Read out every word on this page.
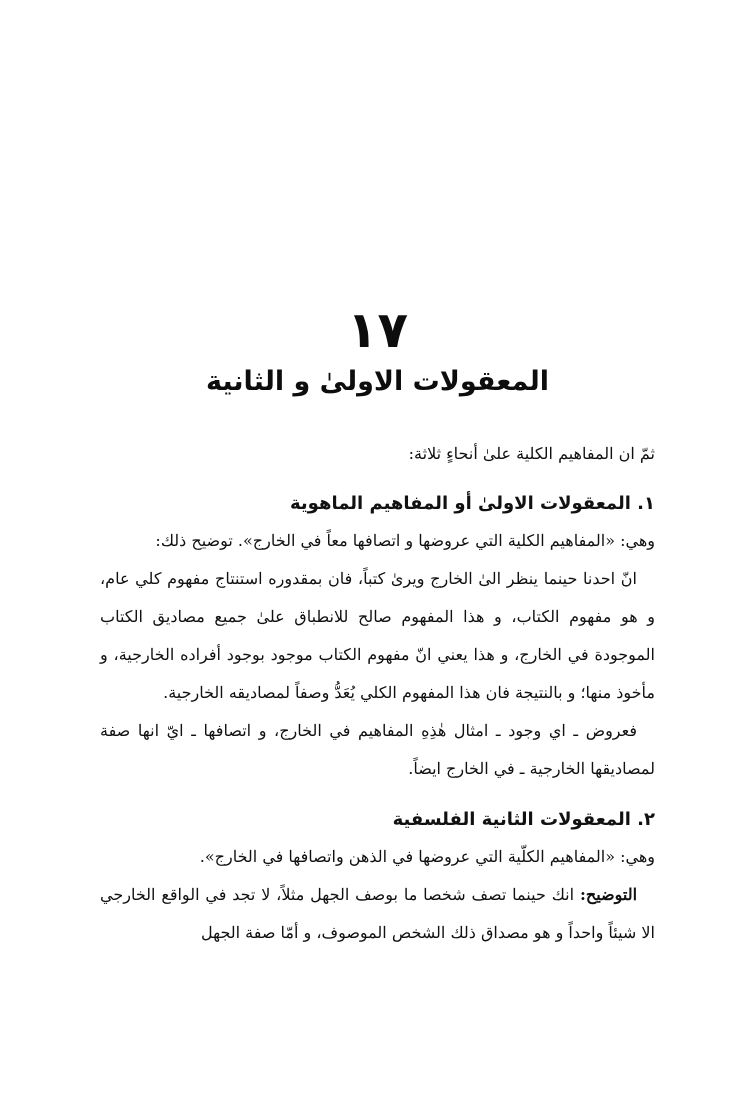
۱۷
المعقولات الاولیٰ و الثانية

ثمّ ان المفاهيم الكلية علىٰ أنحاءٍ ثلاثة:

۱. المعقولات الاولیٰ أو المفاهيم الماهوية

وهي: «المفاهيم الكلية التي عروضها و اتصافها معاً في الخارج». توضيح ذلك:

انّ احدنا حينما ينظر الىٰ الخارج ويرىٰ كتباً، فان بمقدوره استنتاج مفهوم كلي عام، و هو مفهوم الكتاب، و هذا المفهوم صالح للانطباق علىٰ جميع مصاديق الكتاب الموجودة في الخارج، و هذا يعني انّ مفهوم الكتاب موجود بوجود أفراده الخارجية، و مأخوذ منها؛ و بالنتيجة فان هذا المفهوم الكلي يُعَدُّ وصفاً لمصاديقه الخارجية.

فعروض ـ اي وجود ـ امثال هٰذِهِ المفاهيم في الخارج، و اتصافها ـ ايّ انها صفة لمصاديقها الخارجية ـ في الخارج ايضاً.

۲. المعقولات الثانية الفلسفية

وهي: «المفاهيم الكلّية التي عروضها في الذهن واتصافها في الخارج».

التوضيح: انك حينما تصف شخصا ما بوصف الجهل مثلاً، لا تجد في الواقع الخارجي الا شيئاً واحداً و هو مصداق ذلك الشخص الموصوف، و أمّا صفة الجهل
